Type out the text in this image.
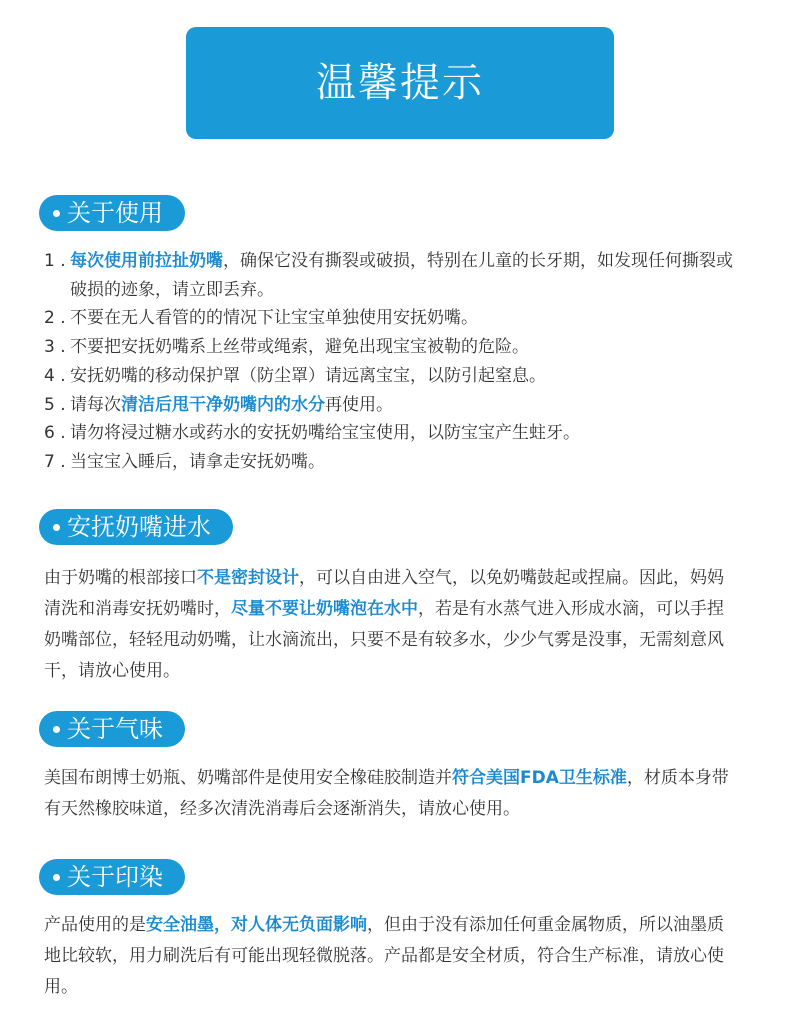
温馨提示
关于使用
1 . 每次使用前拉扯奶嘴，确保它没有撕裂或破损，特别在儿童的长牙期，如发现任何撕裂或破损的迹象，请立即丢弃。
2 . 不要在无人看管的的情况下让宝宝单独使用安抚奶嘴。
3 . 不要把安抚奶嘴系上丝带或绳索，避免出现宝宝被勒的危险。
4 . 安抚奶嘴的移动保护罩（防尘罩）请远离宝宝，以防引起窒息。
5 . 请每次清洁后甩干净奶嘴内的水分再使用。
6 . 请勿将浸过糖水或药水的安抚奶嘴给宝宝使用，以防宝宝产生蛀牙。
7 . 当宝宝入睡后，请拿走安抚奶嘴。
安抚奶嘴进水

由于奶嘴的根部接口不是密封设计，可以自由进入空气，以免奶嘴鼓起或捏扁。因此，妈妈清洗和消毒安抚奶嘴时，尽量不要让奶嘴泡在水中，若是有水蒸气进入形成水滴，可以手捏奶嘴部位，轻轻甩动奶嘴，让水滴流出，只要不是有较多水，少少气雾是没事，无需刻意风干，请放心使用。

关于气味

美国布朗博士奶瓶、奶嘴部件是使用安全橡硅胶制造并符合美国FDA卫生标准，材质本身带有天然橡胶味道，经多次清洗消毒后会逐渐消失，请放心使用。

关于印染

产品使用的是安全油墨，对人体无负面影响，但由于没有添加任何重金属物质，所以油墨质地比较软，用力刷洗后有可能出现轻微脱落。产品都是安全材质，符合生产标准，请放心使用。
